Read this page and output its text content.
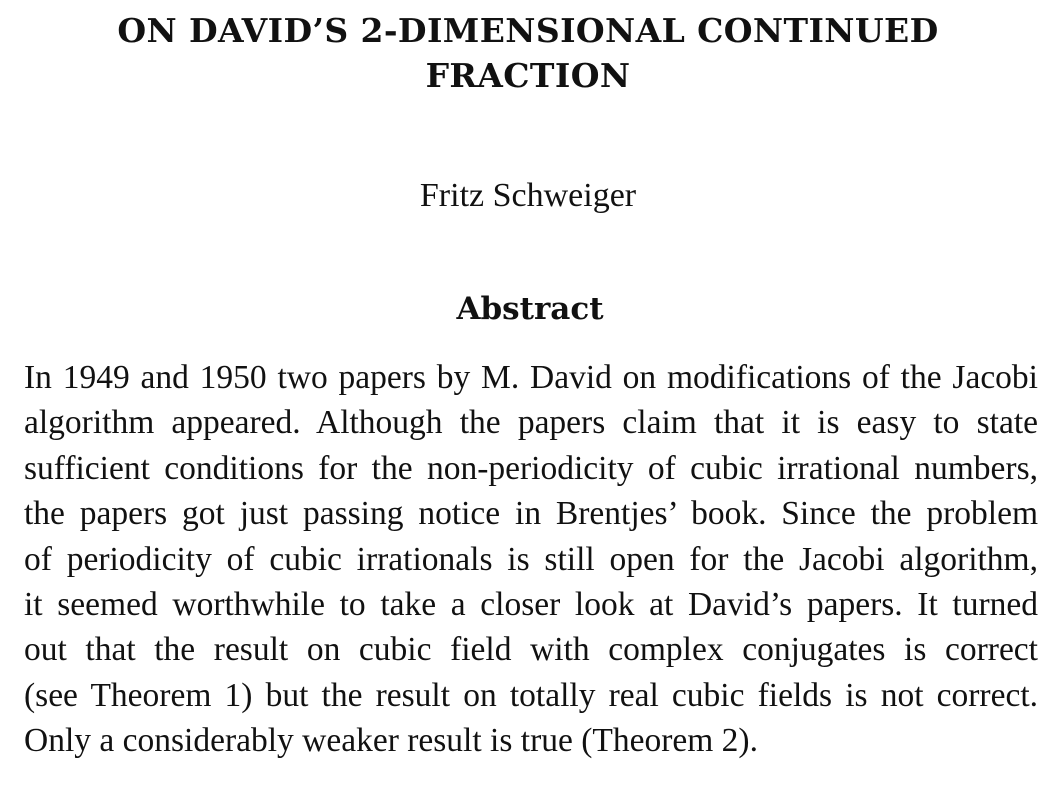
ON DAVID’S 2-DIMENSIONAL CONTINUED FRACTION

Fritz Schweiger

Abstract
In 1949 and 1950 two papers by M. David on modifications of the Jacobi
algorithm appeared. Although the papers claim that it is easy to state
sufficient conditions for the non-periodicity of cubic irrational numbers,
the papers got just passing notice in Brentjes’ book. Since the problem
of periodicity of cubic irrationals is still open for the Jacobi algorithm,
it seemed worthwhile to take a closer look at David’s papers. It turned
out that the result on cubic field with complex conjugates is correct
(see Theorem 1) but the result on totally real cubic fields is not correct.
Only a considerably weaker result is true (Theorem 2).
